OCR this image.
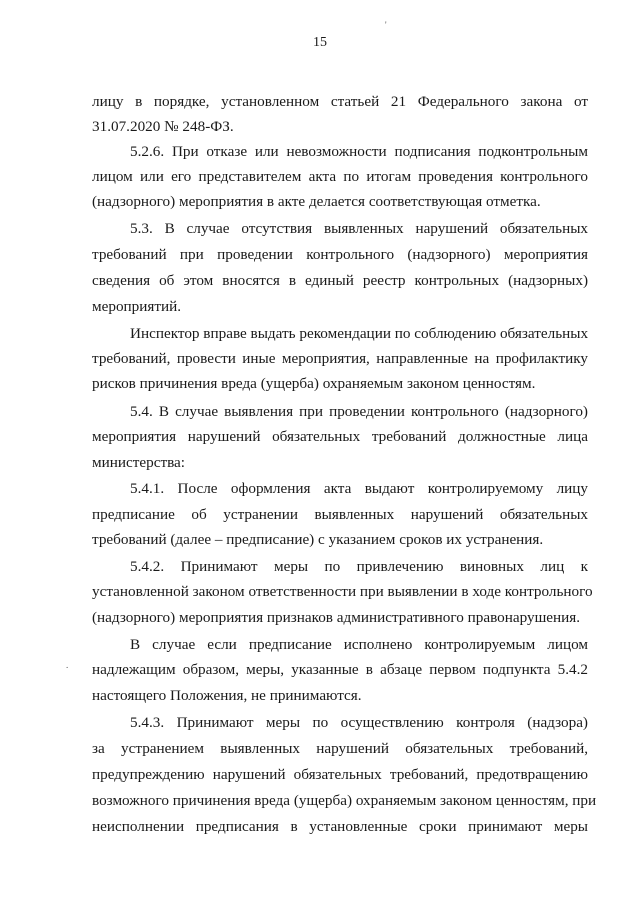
'
.
15
лицу в порядке, установленном статьей 21 Федерального закона от
31.07.2020 № 248-ФЗ.
5.2.6. При отказе или невозможности подписания подконтрольным
лицом или его представителем акта по итогам проведения контрольного
(надзорного) мероприятия в акте делается соответствующая отметка.
5.3. В случае отсутствия выявленных нарушений обязательных
требований при проведении контрольного (надзорного) мероприятия
сведения об этом вносятся в единый реестр контрольных (надзорных)
мероприятий.
Инспектор вправе выдать рекомендации по соблюдению обязательных
требований, провести иные мероприятия, направленные на профилактику
рисков причинения вреда (ущерба) охраняемым законом ценностям.
5.4. В случае выявления при проведении контрольного (надзорного)
мероприятия нарушений обязательных требований должностные лица
министерства:
5.4.1. После оформления акта выдают контролируемому лицу
предписание об устранении выявленных нарушений обязательных
требований (далее – предписание) с указанием сроков их устранения.
5.4.2. Принимают меры по привлечению виновных лиц к
установленной законом ответственности при выявлении в ходе контрольного
(надзорного) мероприятия признаков административного правонарушения.
В случае если предписание исполнено контролируемым лицом
надлежащим образом, меры, указанные в абзаце первом подпункта 5.4.2
настоящего Положения, не принимаются.
5.4.3. Принимают меры по осуществлению контроля (надзора)
за устранением выявленных нарушений обязательных требований,
предупреждению нарушений обязательных требований, предотвращению
возможного причинения вреда (ущерба) охраняемым законом ценностям, при
неисполнении предписания в установленные сроки принимают меры
